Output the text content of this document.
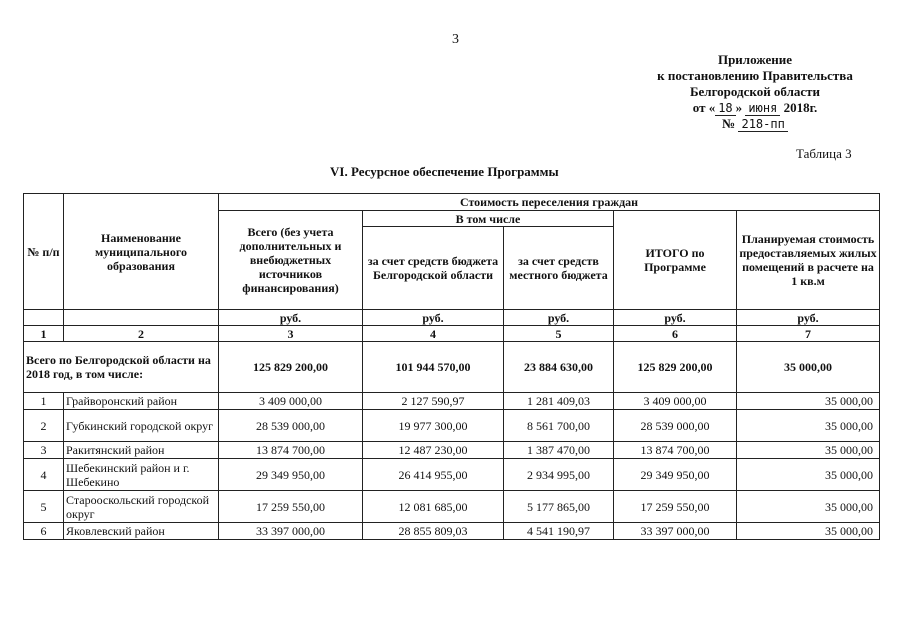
3
Приложение
к постановлению Правительства
Белгородской области
от « 18 » июня 2018г.
№ 218-пп
Таблица 3
VI. Ресурсное обеспечение Программы
№ п/п	Наименование муниципального образования	Стоимость переселения граждан				
		Всего (без учета дополнительных и внебюджетных источников финансирования)	В том числе		ИТОГО по Программе	Планируемая стоимость предоставляемых жилых помещений в расчете на 1 кв.м
			за счет средств бюджета Белгородской области	за счет средств местного бюджета		
		руб.	руб.	руб.	руб.	руб.
1	2	3	4	5	6	7
Всего по Белгородской области на 2018 год, в том числе:		125 829 200,00	101 944 570,00	23 884 630,00	125 829 200,00	35 000,00
1	Грайворонский район	3 409 000,00	2 127 590,97	1 281 409,03	3 409 000,00	35 000,00
2	Губкинский городской округ	28 539 000,00	19 977 300,00	8 561 700,00	28 539 000,00	35 000,00
3	Ракитянский район	13 874 700,00	12 487 230,00	1 387 470,00	13 874 700,00	35 000,00
4	Шебекинский район и г. Шебекино	29 349 950,00	26 414 955,00	2 934 995,00	29 349 950,00	35 000,00
5	Старооскольский городской округ	17 259 550,00	12 081 685,00	5 177 865,00	17 259 550,00	35 000,00
6	Яковлевский район	33 397 000,00	28 855 809,03	4 541 190,97	33 397 000,00	35 000,00
